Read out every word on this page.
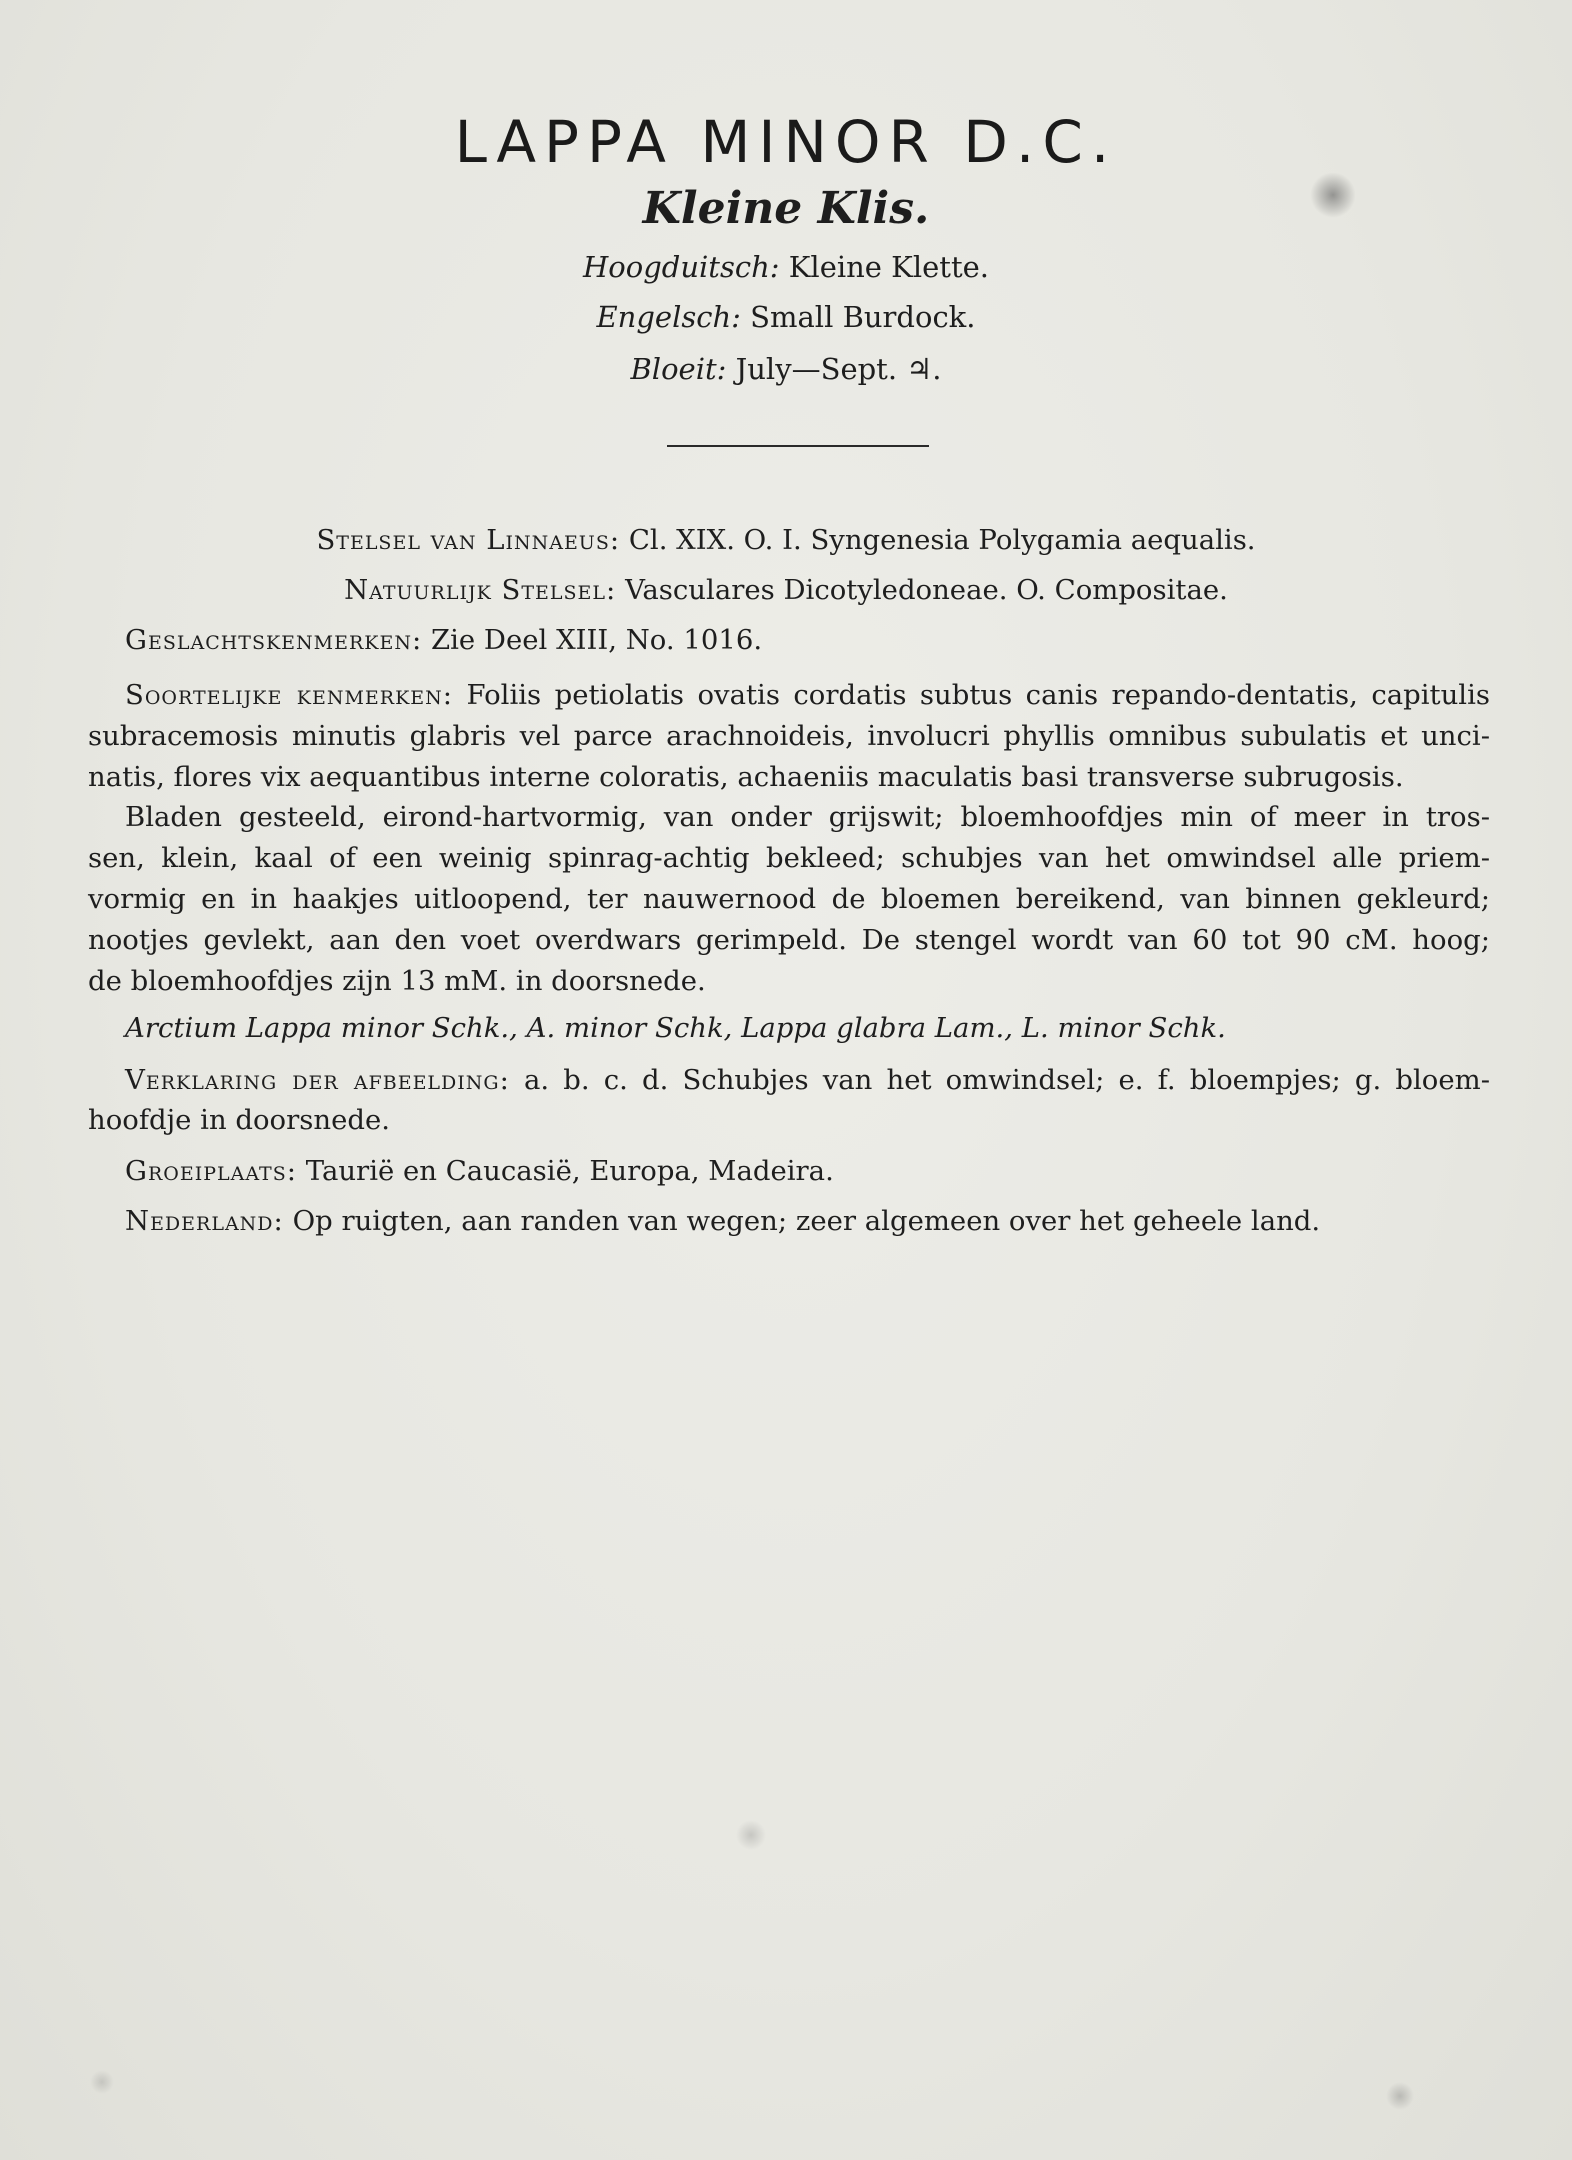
LAPPA MINOR D.C.
Kleine Klis.
Hoogduitsch: Kleine Klette.
Engelsch: Small Burdock.
Bloeit: July—Sept. ♃.
Stelsel van Linnaeus: Cl. XIX. O. I. Syngenesia Polygamia aequalis.
Natuurlijk Stelsel: Vasculares Dicotyledoneae. O. Compositae.
Geslachtskenmerken: Zie Deel XIII, No. 1016.
Soortelijke kenmerken: Foliis petiolatis ovatis cordatis subtus canis repando-dentatis, capitulis
subracemosis minutis glabris vel parce arachnoideis, involucri phyllis omnibus subulatis et unci-
natis, flores vix aequantibus interne coloratis, achaeniis maculatis basi transverse subrugosis.
Bladen gesteeld, eirond-hartvormig, van onder grijswit; bloemhoofdjes min of meer in tros-
sen, klein, kaal of een weinig spinrag-achtig bekleed; schubjes van het omwindsel alle priem-
vormig en in haakjes uitloopend, ter nauwernood de bloemen bereikend, van binnen gekleurd;
nootjes gevlekt, aan den voet overdwars gerimpeld. De stengel wordt van 60 tot 90 cM. hoog;
de bloemhoofdjes zijn 13 mM. in doorsnede.
Arctium Lappa minor Schk., A. minor Schk, Lappa glabra Lam., L. minor Schk.
Verklaring der afbeelding: a. b. c. d. Schubjes van het omwindsel; e. f. bloempjes; g. bloem-
hoofdje in doorsnede.
Groeiplaats: Taurië en Caucasië, Europa, Madeira.
Nederland: Op ruigten, aan randen van wegen; zeer algemeen over het geheele land.
